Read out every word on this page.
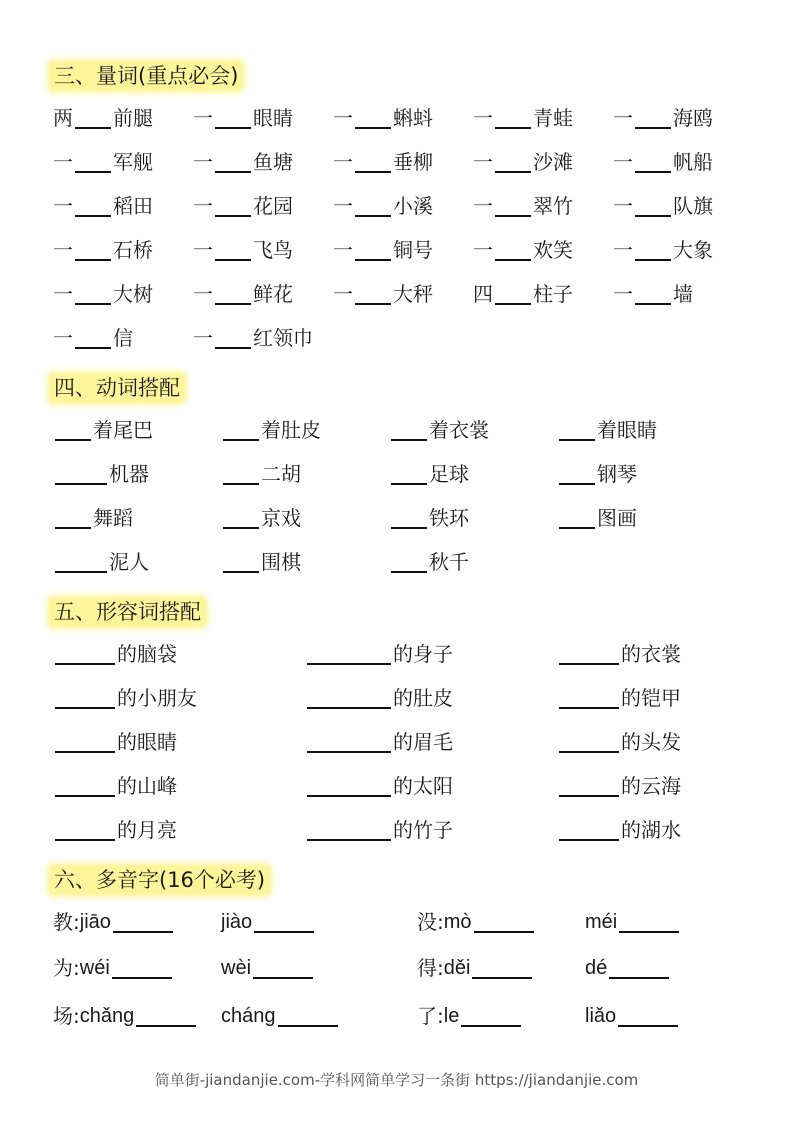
三、量词(重点必会)
两 前腿 一 眼睛 一 蝌蚪 一 青蛙 一 海鸥
一 军舰 一 鱼塘 一 垂柳 一 沙滩 一 帆船
一 稻田 一 花园 一 小溪 一 翠竹 一 队旗
一 石桥 一 飞鸟 一 铜号 一 欢笑 一 大象
一 大树 一 鲜花 一 大秤 四 柱子 一 墙
一 信	一 红领巾
四、动词搭配
着尾巴	着肚皮	着衣裳	着眼睛
机器	二胡	足球	钢琴
舞蹈	京戏	铁环	图画
泥人	围棋	秋千
五、形容词搭配
的脑袋	的身子	的衣裳
的小朋友	的肚皮	的铠甲
的眼睛	的眉毛	的头发
的山峰	的太阳	的云海
的月亮	的竹子	的湖水
六、多音字(16个必考)
教: jiāo	jiào	没: mò	méi
为: wéi	wèi	得: děi	dé
场: chǎng	cháng	了: le	liǎo
简单街-jiandanjie.com-学科网简单学习一条街 https://jiandanjie.com
